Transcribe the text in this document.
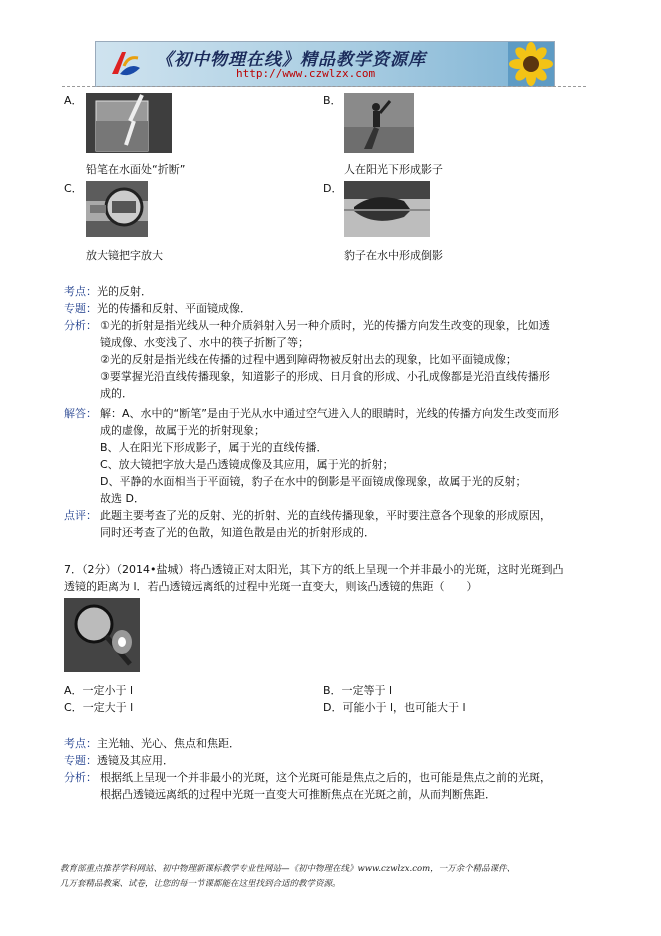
《初中物理在线》精品教学资源库
http://www.czwlzx.com
A．
铅笔在水面处“折断”
B．
人在阳光下形成影子
C．
放大镜把字放大
D．
豹子在水中形成倒影
考点：光的反射．
专题：光的传播和反射、平面镜成像．
分析： ①光的折射是指光线从一种介质斜射入另一种介质时，光的传播方向发生改变的现象，比如透
镜成像、水变浅了、水中的筷子折断了等；
②光的反射是指光线在传播的过程中遇到障碍物被反射出去的现象，比如平面镜成像；
③要掌握光沿直线传播现象，知道影子的形成、日月食的形成、小孔成像都是光沿直线传播形
成的．
解答： 解：A、水中的“断笔”是由于光从水中通过空气进入人的眼睛时，光线的传播方向发生改变而形
成的虚像，故属于光的折射现象；
B、人在阳光下形成影子，属于光的直线传播．
C、放大镜把字放大是凸透镜成像及其应用，属于光的折射；
D、平静的水面相当于平面镜，豹子在水中的倒影是平面镜成像现象，故属于光的反射；
故选 D．
点评： 此题主要考查了光的反射、光的折射、光的直线传播现象，平时要注意各个现象的形成原因，
同时还考查了光的色散，知道色散是由光的折射形成的．
7．（2分）（2014•盐城）将凸透镜正对太阳光，其下方的纸上呈现一个并非最小的光斑，这时光斑到凸
透镜的距离为 l．若凸透镜远离纸的过程中光斑一直变大，则该凸透镜的焦距（　　）
A．一定小于 l	B．一定等于 l
C．一定大于 l	D．可能小于 l，也可能大于 l
考点：主光轴、光心、焦点和焦距．
专题：透镜及其应用．
分析： 根据纸上呈现一个并非最小的光斑，这个光斑可能是焦点之后的，也可能是焦点之前的光斑，
根据凸透镜远离纸的过程中光斑一直变大可推断焦点在光斑之前，从而判断焦距．
教育部重点推荐学科网站、初中物理新课标教学专业性网站—《初中物理在线》www.czwlzx.com，一万余个精品课件、
几万套精品教案、试卷，让您的每一节课都能在这里找到合适的教学资源。
